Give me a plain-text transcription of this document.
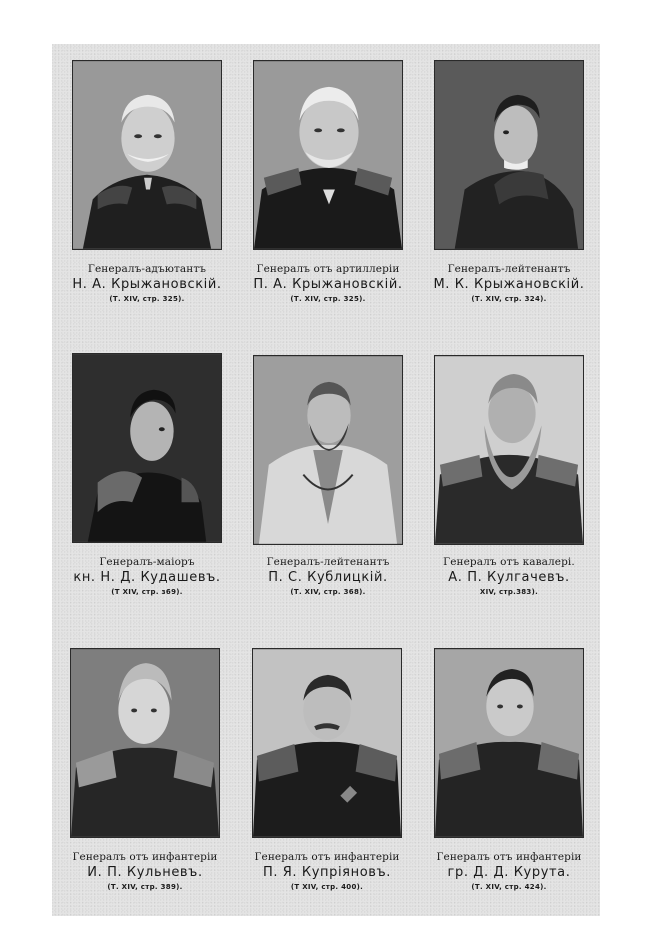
Генералъ-адъютантъ
Н. А. Крыжановскій.
(Т. XIV, стр. 325).
Генералъ отъ артиллеріи
П. А. Крыжановскій.
(Т. XIV, стр. 325).
Генералъ-лейтенантъ
М. К. Крыжановскій.
(Т. XIV, стр. 324).
Генералъ-маіоръ
кн. Н. Д. Кудашевъ.
(Т XIV, стр. з69).
Генералъ-лейтенантъ
П. С. Кублицкій.
(Т. XIV, стр. 368).
Генералъ отъ кавалері.
А. П. Кулгачевъ.
XIV, стр.383).
Генералъ отъ инфантеріи
И. П. Кульневъ.
(Т. XIV, стр. 389).
Генералъ отъ инфантеріи
П. Я. Купріяновъ.
(Т XIV, стр. 400).
Генералъ отъ инфантеріи
гр. Д. Д. Курута.
(Т. XIV, стр. 424).
